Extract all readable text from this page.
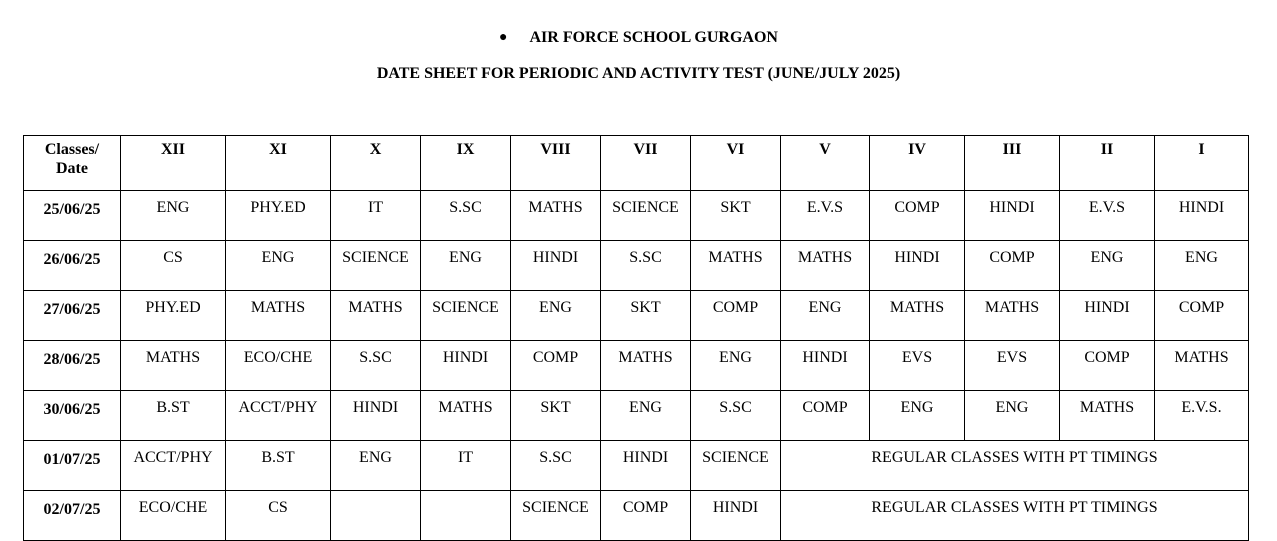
● AIR FORCE SCHOOL GURGAON
DATE SHEET FOR PERIODIC AND ACTIVITY TEST (JUNE/JULY 2025)
Classes/
Date	XII	XI	X	IX	VIII	VII	VI	V	IV	III	II	I
25/06/25	ENG	PHY.ED	IT	S.SC	MATHS	SCIENCE	SKT	E.V.S	COMP	HINDI	E.V.S	HINDI
26/06/25	CS	ENG	SCIENCE	ENG	HINDI	S.SC	MATHS	MATHS	HINDI	COMP	ENG	ENG
27/06/25	PHY.ED	MATHS	MATHS	SCIENCE	ENG	SKT	COMP	ENG	MATHS	MATHS	HINDI	COMP
28/06/25	MATHS	ECO/CHE	S.SC	HINDI	COMP	MATHS	ENG	HINDI	EVS	EVS	COMP	MATHS
30/06/25	B.ST	ACCT/PHY	HINDI	MATHS	SKT	ENG	S.SC	COMP	ENG	ENG	MATHS	E.V.S.
01/07/25	ACCT/PHY	B.ST	ENG	IT	S.SC	HINDI	SCIENCE	REGULAR CLASSES WITH PT TIMINGS				
02/07/25	ECO/CHE	CS			SCIENCE	COMP	HINDI	REGULAR CLASSES WITH PT TIMINGS				
